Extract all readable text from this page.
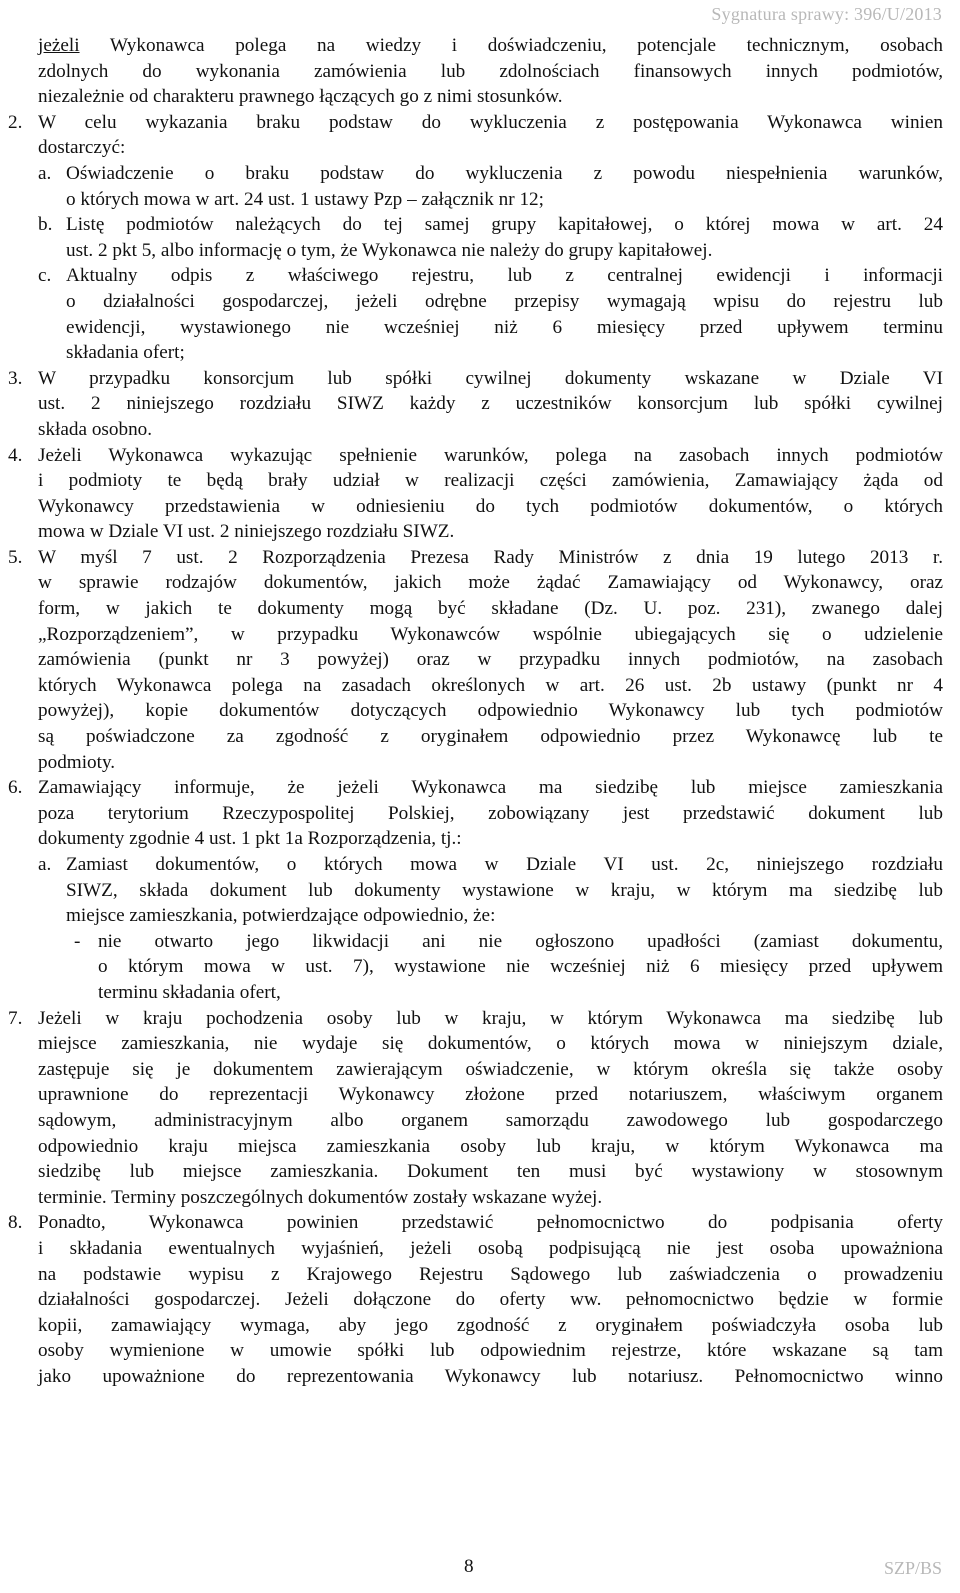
Sygnatura sprawy: 396/U/2013
jeżeli Wykonawca polega na wiedzy i doświadczeniu, potencjale technicznym, osobach
zdolnych do wykonania zamówienia lub zdolnościach finansowych innych podmiotów,
niezależnie od charakteru prawnego łączących go z nimi stosunków.
2. W celu wykazania braku podstaw do wykluczenia z postępowania Wykonawca winien
dostarczyć:
a. Oświadczenie o braku podstaw do wykluczenia z powodu niespełnienia warunków,
o których mowa w art. 24 ust. 1 ustawy Pzp – załącznik nr 12;
b. Listę podmiotów należących do tej samej grupy kapitałowej, o której mowa w art. 24
ust. 2 pkt 5, albo informację o tym, że Wykonawca nie należy do grupy kapitałowej.
c. Aktualny odpis z właściwego rejestru, lub z centralnej ewidencji i informacji
o działalności gospodarczej, jeżeli odrębne przepisy wymagają wpisu do rejestru lub
ewidencji, wystawionego nie wcześniej niż 6 miesięcy przed upływem terminu
składania ofert;
3. W przypadku konsorcjum lub spółki cywilnej dokumenty wskazane w Dziale VI
ust. 2 niniejszego rozdziału SIWZ każdy z uczestników konsorcjum lub spółki cywilnej
składa osobno.
4. Jeżeli Wykonawca wykazując spełnienie warunków, polega na zasobach innych podmiotów
i podmioty te będą brały udział w realizacji części zamówienia, Zamawiający żąda od
Wykonawcy przedstawienia w odniesieniu do tych podmiotów dokumentów, o których
mowa w Dziale VI ust. 2 niniejszego rozdziału SIWZ.
5. W myśl 7 ust. 2 Rozporządzenia Prezesa Rady Ministrów z dnia 19 lutego 2013 r.
w sprawie rodzajów dokumentów, jakich może żądać Zamawiający od Wykonawcy, oraz
form, w jakich te dokumenty mogą być składane (Dz. U. poz. 231), zwanego dalej
„Rozporządzeniem”, w przypadku Wykonawców wspólnie ubiegających się o udzielenie
zamówienia (punkt nr 3 powyżej) oraz w przypadku innych podmiotów, na zasobach
których Wykonawca polega na zasadach określonych w art. 26 ust. 2b ustawy (punkt nr 4
powyżej), kopie dokumentów dotyczących odpowiednio Wykonawcy lub tych podmiotów
są poświadczone za zgodność z oryginałem odpowiednio przez Wykonawcę lub te
podmioty.
6. Zamawiający informuje, że jeżeli Wykonawca ma siedzibę lub miejsce zamieszkania
poza terytorium Rzeczypospolitej Polskiej, zobowiązany jest przedstawić dokument lub
dokumenty zgodnie 4 ust. 1 pkt 1a Rozporządzenia, tj.:
a. Zamiast dokumentów, o których mowa w Dziale VI ust. 2c, niniejszego rozdziału
SIWZ, składa dokument lub dokumenty wystawione w kraju, w którym ma siedzibę lub
miejsce zamieszkania, potwierdzające odpowiednio, że:
- nie otwarto jego likwidacji ani nie ogłoszono upadłości (zamiast dokumentu,
o którym mowa w ust. 7), wystawione nie wcześniej niż 6 miesięcy przed upływem
terminu składania ofert,
7. Jeżeli w kraju pochodzenia osoby lub w kraju, w którym Wykonawca ma siedzibę lub
miejsce zamieszkania, nie wydaje się dokumentów, o których mowa w niniejszym dziale,
zastępuje się je dokumentem zawierającym oświadczenie, w którym określa się także osoby
uprawnione do reprezentacji Wykonawcy złożone przed notariuszem, właściwym organem
sądowym, administracyjnym albo organem samorządu zawodowego lub gospodarczego
odpowiednio kraju miejsca zamieszkania osoby lub kraju, w którym Wykonawca ma
siedzibę lub miejsce zamieszkania. Dokument ten musi być wystawiony w stosownym
terminie. Terminy poszczególnych dokumentów zostały wskazane wyżej.
8. Ponadto, Wykonawca powinien przedstawić pełnomocnictwo do podpisania oferty
i składania ewentualnych wyjaśnień, jeżeli osobą podpisującą nie jest osoba upoważniona
na podstawie wypisu z Krajowego Rejestru Sądowego lub zaświadczenia o prowadzeniu
działalności gospodarczej. Jeżeli dołączone do oferty ww. pełnomocnictwo będzie w formie
kopii, zamawiający wymaga, aby jego zgodność z oryginałem poświadczyła osoba lub
osoby wymienione w umowie spółki lub odpowiednim rejestrze, które wskazane są tam
jako upoważnione do reprezentowania Wykonawcy lub notariusz. Pełnomocnictwo winno
8	SZP/BS
